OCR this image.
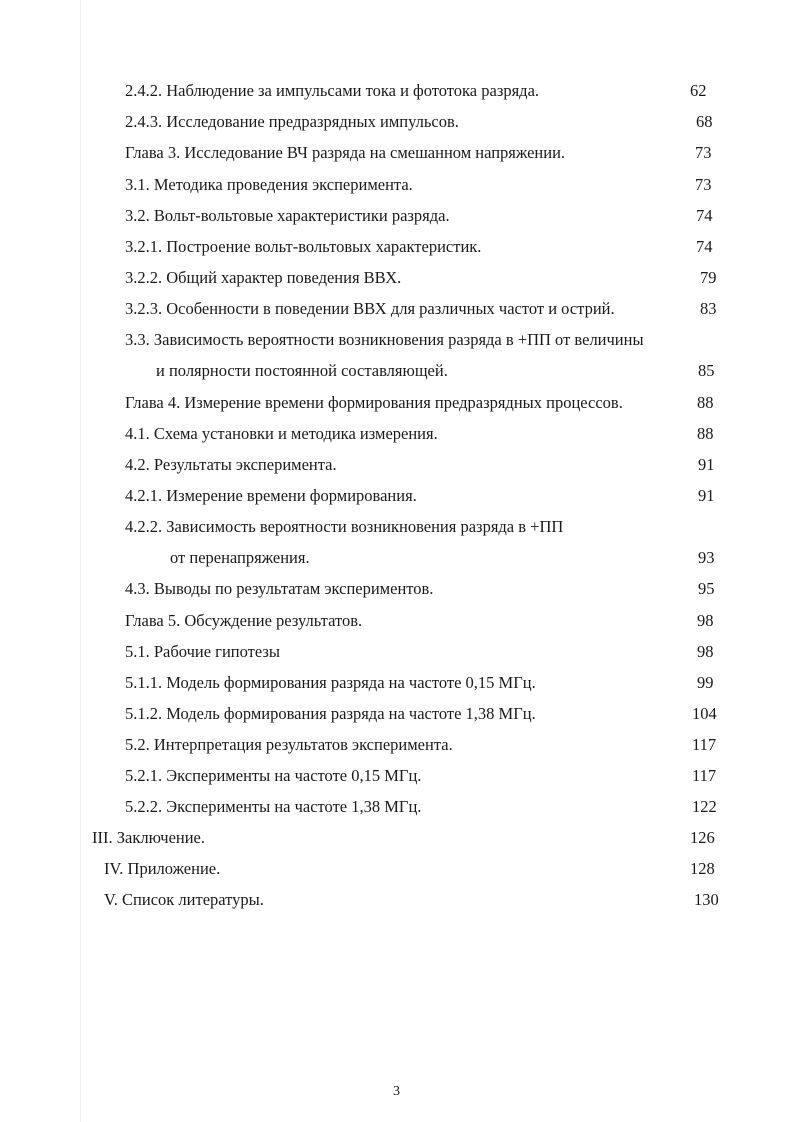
2.4.2. Наблюдение за импульсами тока и фототока разряда.	62
2.4.3. Исследование предразрядных импульсов.	68
Глава 3. Исследование ВЧ разряда на смешанном напряжении.	73
3.1. Методика проведения эксперимента.	73
3.2. Вольт-вольтовые характеристики разряда.	74
3.2.1. Построение вольт-вольтовых характеристик.	74
3.2.2. Общий характер поведения ВВХ.	79
3.2.3. Особенности в поведении ВВХ для различных частот и острий.	83
3.3. Зависимость вероятности возникновения разряда в +ПП от величины
и полярности постоянной составляющей.	85
Глава 4. Измерение времени формирования предразрядных процессов.	88
4.1. Схема установки и методика измерения.	88
4.2. Результаты эксперимента.	91
4.2.1. Измерение времени формирования.	91
4.2.2. Зависимость вероятности возникновения разряда в +ПП
от перенапряжения.	93
4.3. Выводы по результатам экспериментов.	95
Глава 5. Обсуждение результатов.	98
5.1. Рабочие гипотезы	98
5.1.1. Модель формирования разряда на частоте 0,15 МГц.	99
5.1.2. Модель формирования разряда на частоте 1,38 МГц.	104
5.2. Интерпретация результатов эксперимента.	117
5.2.1. Эксперименты на частоте 0,15 МГц.	117
5.2.2. Эксперименты на частоте 1,38 МГц.	122
III. Заключение.	126
IV. Приложение.	128
V. Список литературы.	130
3
